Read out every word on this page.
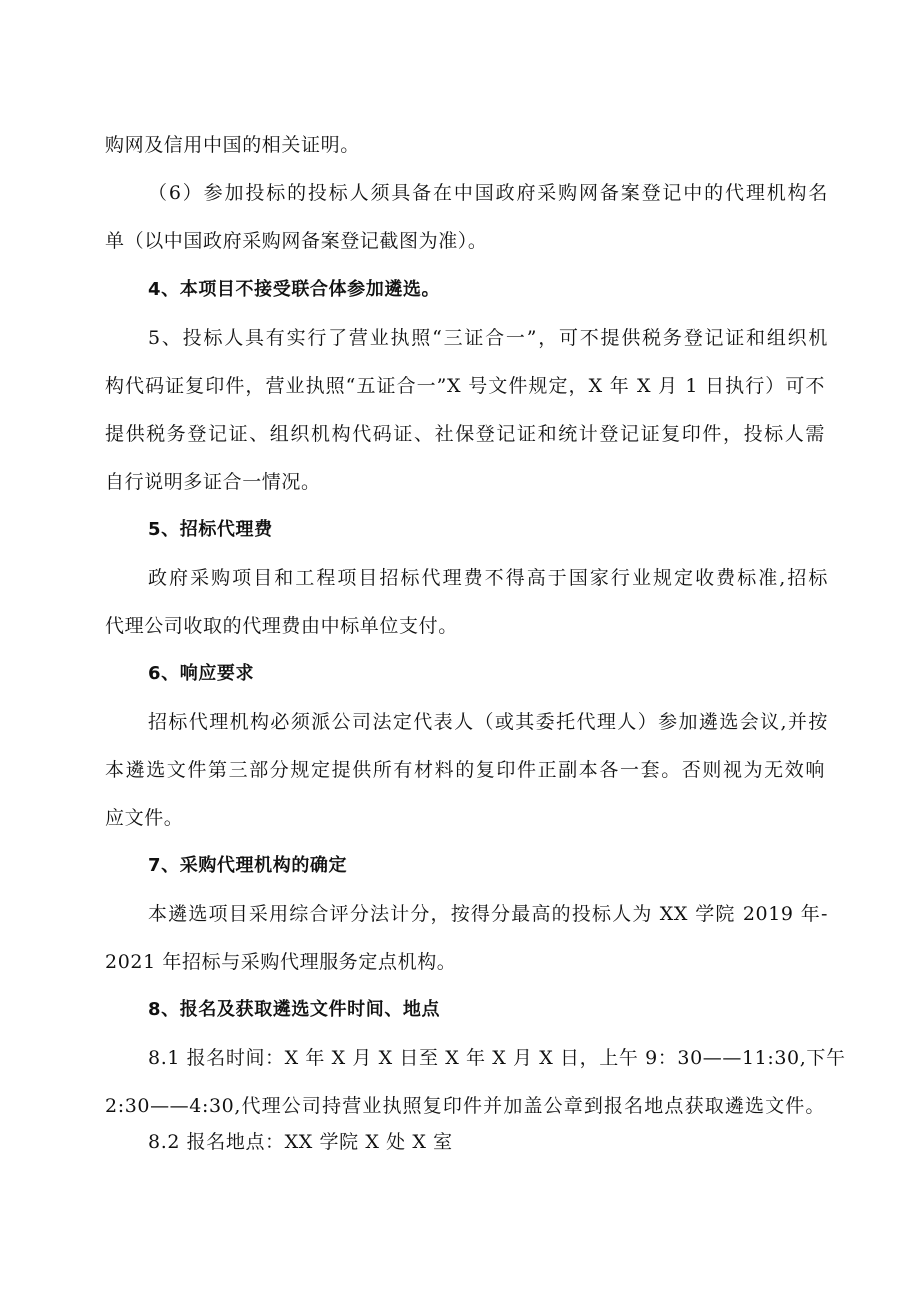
购网及信用中国的相关证明。
（6）参加投标的投标人须具备在中国政府采购网备案登记中的代理机构名
单（以中国政府采购网备案登记截图为准）。
4、本项目不接受联合体参加遴选。
5、投标人具有实行了营业执照“三证合一”，可不提供税务登记证和组织机
构代码证复印件，营业执照“五证合一”X 号文件规定，X 年 X 月 1 日执行）可不
提供税务登记证、组织机构代码证、社保登记证和统计登记证复印件，投标人需
自行说明多证合一情况。
5、招标代理费
政府采购项目和工程项目招标代理费不得高于国家行业规定收费标准,招标
代理公司收取的代理费由中标单位支付。
6、响应要求
招标代理机构必须派公司法定代表人（或其委托代理人）参加遴选会议,并按
本遴选文件第三部分规定提供所有材料的复印件正副本各一套。否则视为无效响
应文件。
7、采购代理机构的确定
本遴选项目采用综合评分法计分，按得分最高的投标人为 XX 学院 2019 年-
2021 年招标与采购代理服务定点机构。
8、报名及获取遴选文件时间、地点
8.1 报名时间：X 年 X 月 X 日至 X 年 X 月 X 日，上午 9：30——11:30,下午
2:30——4:30,代理公司持营业执照复印件并加盖公章到报名地点获取遴选文件。
8.2 报名地点：XX 学院 X 处 X 室
